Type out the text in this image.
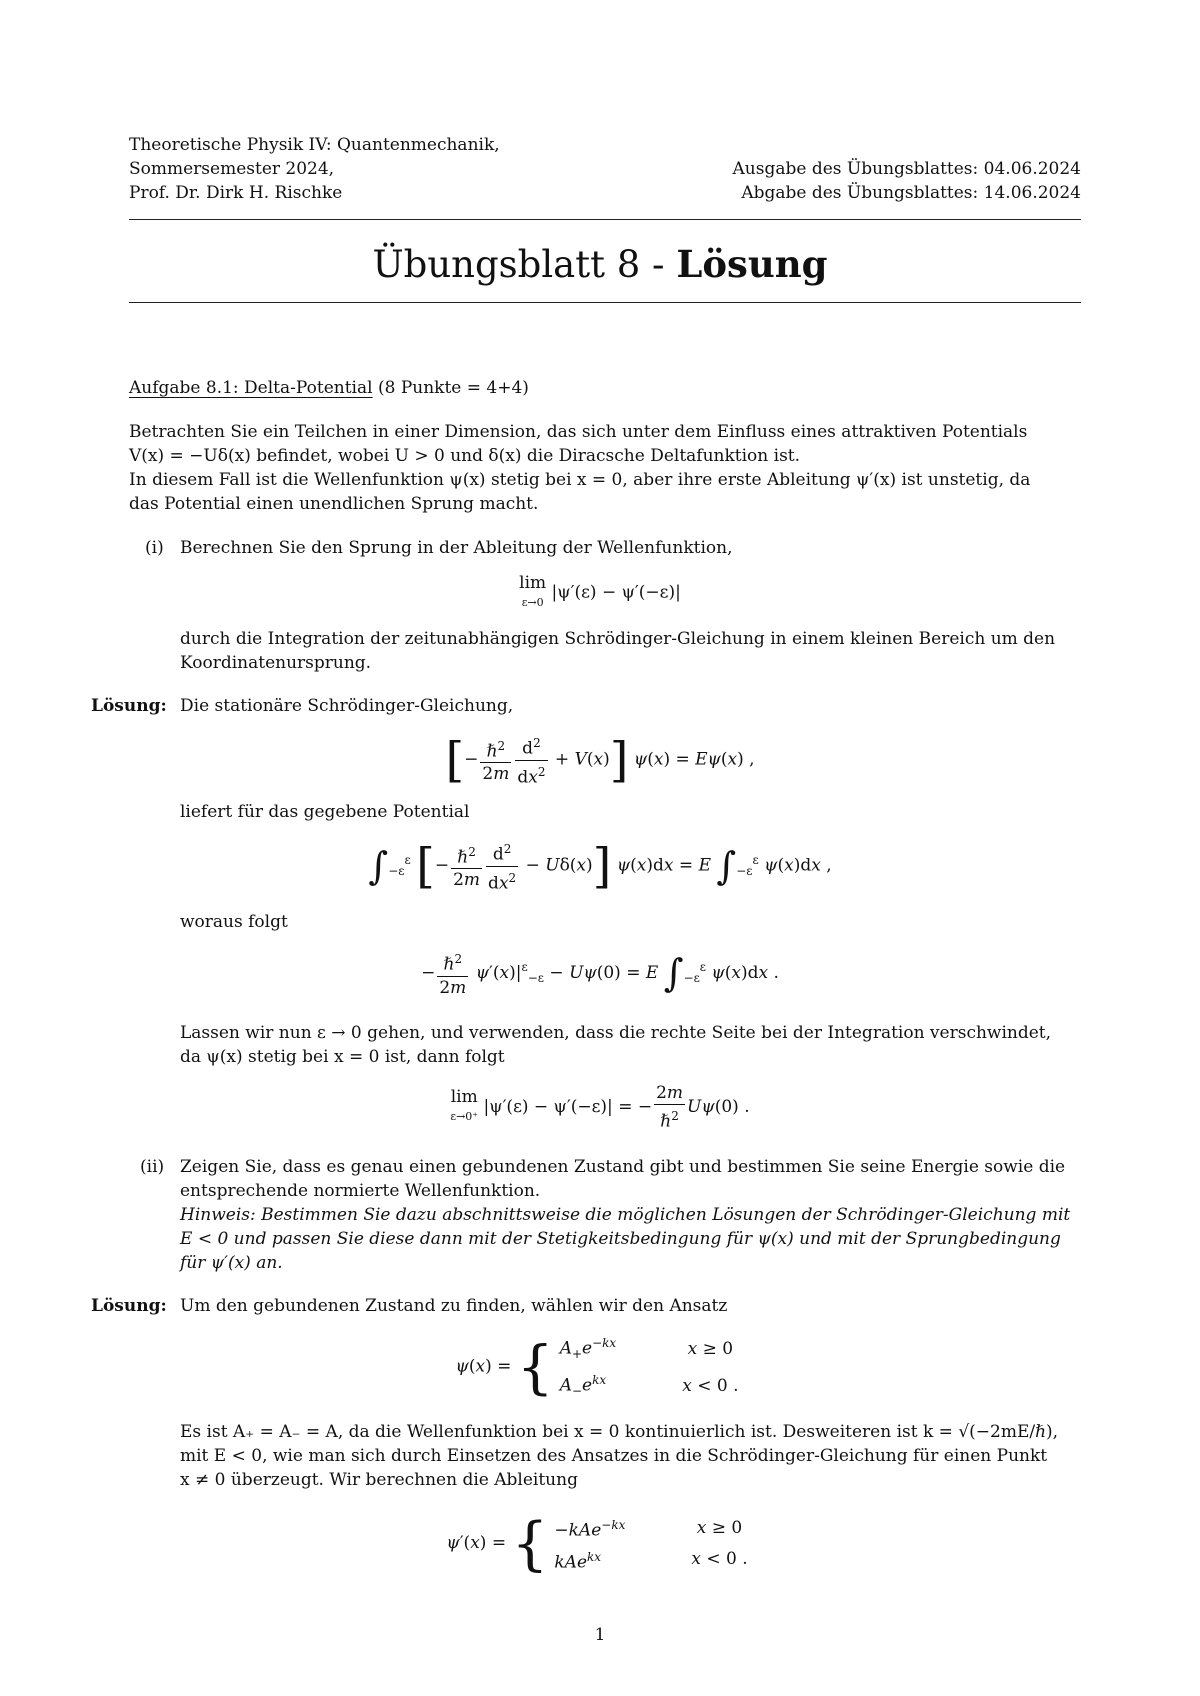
Theoretische Physik IV: Quantenmechanik,
Sommersemester 2024,
Prof. Dr. Dirk H. Rischke
Ausgabe des Übungsblattes: 04.06.2024
Abgabe des Übungsblattes: 14.06.2024
Übungsblatt 8 - Lösung
Aufgabe 8.1: Delta-Potential (8 Punkte = 4+4)
Betrachten Sie ein Teilchen in einer Dimension, das sich unter dem Einfluss eines attraktiven Potentials
V(x) = −Uδ(x) befindet, wobei U > 0 und δ(x) die Diracsche Deltafunktion ist.
In diesem Fall ist die Wellenfunktion ψ(x) stetig bei x = 0, aber ihre erste Ableitung ψ′(x) ist unstetig, da
das Potential einen unendlichen Sprung macht.
(i) Berechnen Sie den Sprung in der Ableitung der Wellenfunktion,
lim
ε→0 |ψ′(ε) − ψ′(−ε)|
durch die Integration der zeitunabhängigen Schrödinger-Gleichung in einem kleinen Bereich um den
Koordinatenursprung.
Lösung: Die stationäre Schrödinger-Gleichung,
[− $\frac{\hbar^2}{2m} \frac{d^2}{dx^2} + V(x)$] ψ(x) = Eψ(x) ,
liefert für das gegebene Potential
$\int_{-\varepsilon}^\varepsilon$ [− $\frac{\hbar^2}{2m} \frac{d^2}{dx^2} - U\delta(x)$] ψ(x)dx = E $\int_{-\varepsilon}^\varepsilon$ ψ(x)dx ,
woraus folgt
− $\frac{\hbar^2}{2m} \psi'(x)|^\varepsilon_{-\varepsilon} - U\psi(0) = E$ $\int_{-\varepsilon}^\varepsilon$ ψ(x)dx .
Lassen wir nun ε → 0 gehen, und verwenden, dass die rechte Seite bei der Integration verschwindet,
da ψ(x) stetig bei x = 0 ist, dann folgt
lim
ε→0⁺ |ψ′(ε) − ψ′(−ε)| = − $\frac{2m}{\hbar^2} U\psi(0)$ .
(ii) Zeigen Sie, dass es genau einen gebundenen Zustand gibt und bestimmen Sie seine Energie sowie die
entsprechende normierte Wellenfunktion.
Hinweis: Bestimmen Sie dazu abschnittsweise die möglichen Lösungen der Schrödinger-Gleichung mit
E < 0 und passen Sie diese dann mit der Stetigkeitsbedingung für ψ(x) und mit der Sprungbedingung
für ψ′(x) an.
Lösung: Um den gebundenen Zustand zu finden, wählen wir den Ansatz
ψ(x) = { $A_+e^{-kx}$	x ≥ 0
$A_-e^{kx}$	x < 0 .
Es ist A₊ = A₋ = A, da die Wellenfunktion bei x = 0 kontinuierlich ist. Desweiteren ist k = √(−2mE/ℏ),
mit E < 0, wie man sich durch Einsetzen des Ansatzes in die Schrödinger-Gleichung für einen Punkt
x ≠ 0 überzeugt. Wir berechnen die Ableitung
ψ′(x) = { −kAe$^{-kx}$	x ≥ 0
kAe$^{kx}$	x < 0 .
1
